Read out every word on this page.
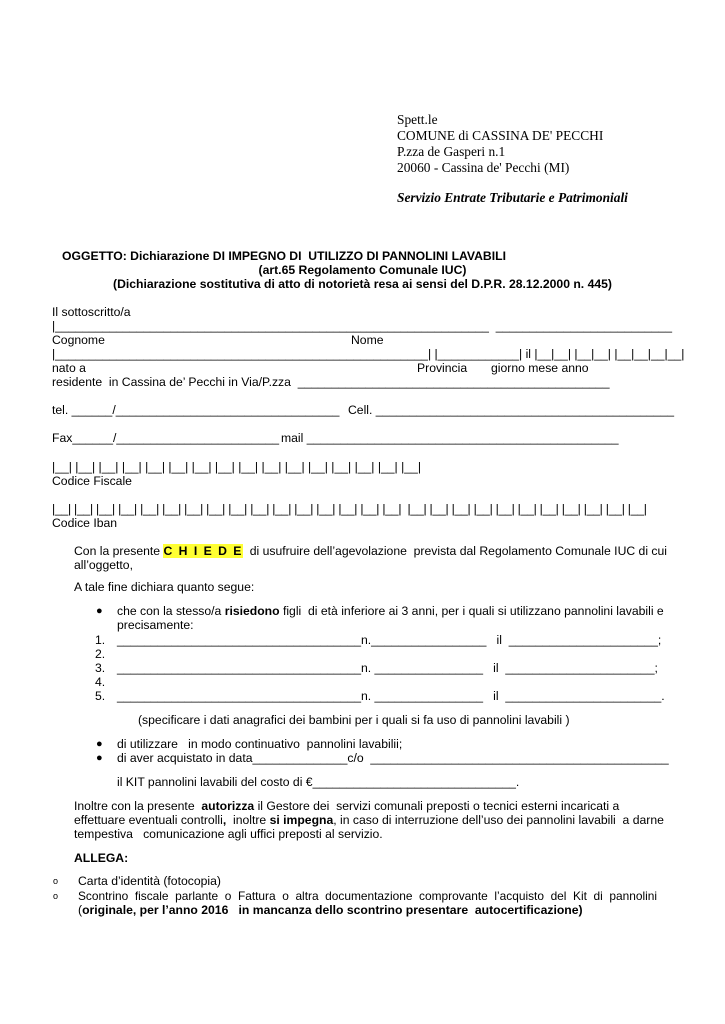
Spett.le
COMUNE di CASSINA DE' PECCHI
P.zza de Gasperi n.1
20060 - Cassina de' Pecchi (MI)
Servizio Entrate Tributarie e Patrimoniali
OGGETTO: Dichiarazione DI IMPEGNO DI  UTILIZZO DI PANNOLINI LAVABILI
(art.65 Regolamento Comunale IUC)
(Dichiarazione sostitutiva di atto di notorietà resa ai sensi del D.P.R. 28.12.2000 n. 445)
Il sottoscritto/a
|________________________________________________________________  __________________________
Cognome	Nome
|_______________________________________________________| |____________| il |__|__| |__|__| |__|__|__|__|
nato a	Provincia giorno mese anno
residente  in Cassina de’ Pecchi in Via/P.zza  ______________________________________________
tel. ______/_________________________________ Cell. ____________________________________________
Fax______/________________________ mail ______________________________________________
|__| |__| |__| |__| |__| |__| |__| |__| |__| |__| |__| |__| |__| |__| |__| |__|
Codice Fiscale
|__| |__| |__| |__| |__| |__| |__| |__| |__| |__| |__| |__| |__| |__| |__| |__|  |__| |__| |__| |__| |__| |__| |__| |__| |__| |__| |__|
Codice Iban
Con la presente C H I E D E  di usufruire dell’agevolazione  prevista dal Regolamento Comunale IUC di cui
all’oggetto,
A tale fine dichiara quanto segue:
● che con la stesso/a risiedono figli  di età inferiore ai 3 anni, per i quali si utilizzano pannolini lavabili e
precisamente:
1. ____________________________________n._________________   il  ______________________;
2.
3. ____________________________________n. ________________   il  ______________________;
4.
5. ____________________________________n. ________________   il  _______________________.
(specificare i dati anagrafici dei bambini per i quali si fa uso di pannolini lavabili )
● di utilizzare   in modo continuativo  pannolini lavabilii;
● di aver acquistato in data______________c/o  ____________________________________________
il KIT pannolini lavabili del costo di €______________________________.
Inoltre con la presente  autorizza il Gestore dei  servizi comunali preposti o tecnici esterni incaricati a
effettuare eventuali controlli,  inoltre si impegna, in caso di interruzione dell’uso dei pannolini lavabili  a darne
tempestiva   comunicazione agli uffici preposti al servizio.
ALLEGA:
o Carta d’identità (fotocopia)
o Scontrino  fiscale  parlante  o  Fattura  o  altra  documentazione  comprovante  l’acquisto  del  Kit  di  pannolini
(originale, per l’anno 2016   in mancanza dello scontrino presentare  autocertificazione)
